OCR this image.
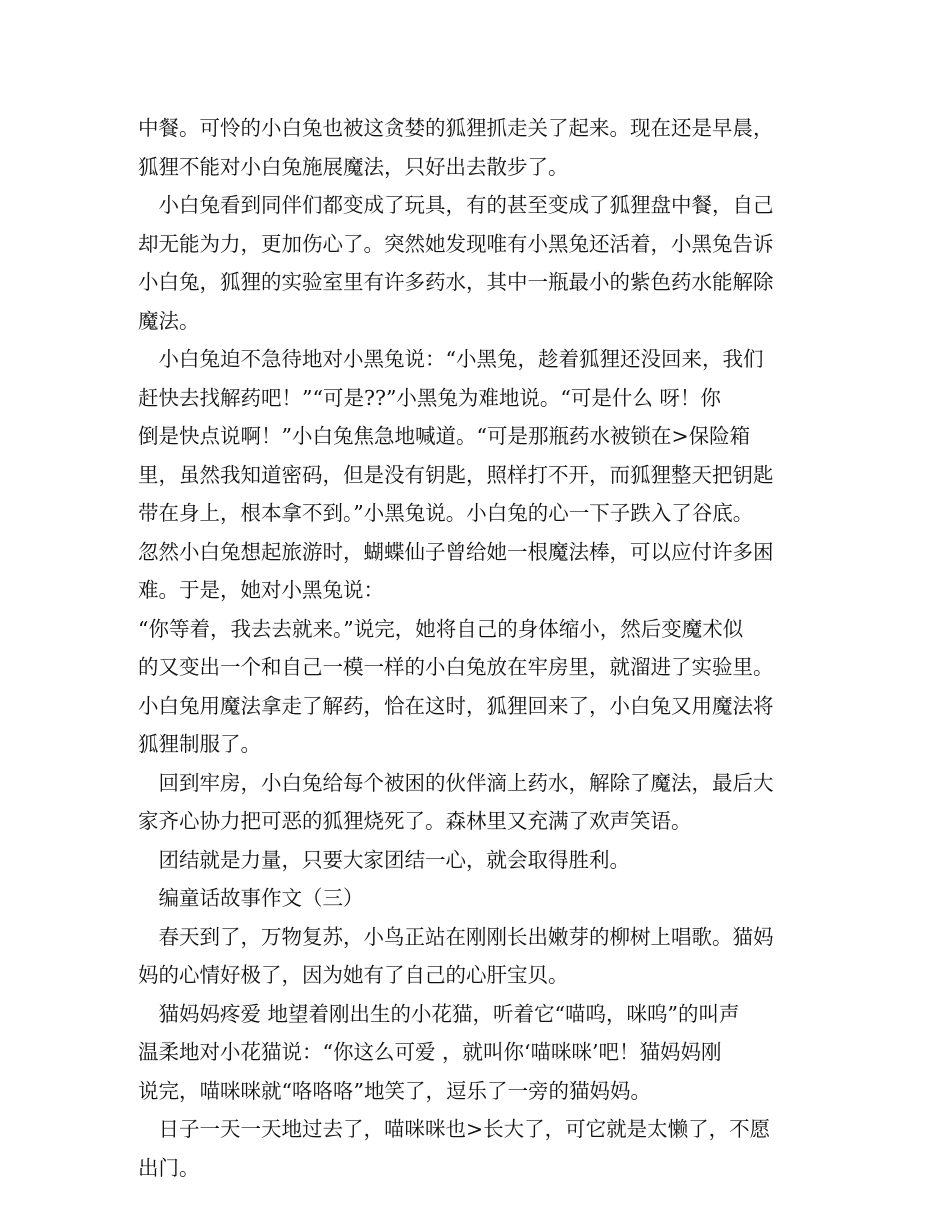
中餐。可怜的小白兔也被这贪婪的狐狸抓走关了起来。现在还是早晨，
狐狸不能对小白兔施展魔法，只好出去散步了。
　小白兔看到同伴们都变成了玩具，有的甚至变成了狐狸盘中餐，自己
却无能为力，更加伤心了。突然她发现唯有小黑兔还活着，小黑兔告诉
小白兔，狐狸的实验室里有许多药水，其中一瓶最小的紫色药水能解除
魔法。
　小白兔迫不急待地对小黑兔说：“小黑兔，趁着狐狸还没回来，我们
赶快去找解药吧！”“可是??”小黑兔为难地说。“可是什么 呀！你
倒是快点说啊！”小白兔焦急地喊道。“可是那瓶药水被锁在>保险箱
里，虽然我知道密码，但是没有钥匙，照样打不开，而狐狸整天把钥匙
带在身上，根本拿不到。”小黑兔说。小白兔的心一下子跌入了谷底。
忽然小白兔想起旅游时，蝴蝶仙子曾给她一根魔法棒，可以应付许多困
难。于是，她对小黑兔说：
“你等着，我去去就来。”说完，她将自己的身体缩小，然后变魔术似
的又变出一个和自己一模一样的小白兔放在牢房里，就溜进了实验里。
小白兔用魔法拿走了解药，恰在这时，狐狸回来了，小白兔又用魔法将
狐狸制服了。
　回到牢房，小白兔给每个被困的伙伴滴上药水，解除了魔法，最后大
家齐心协力把可恶的狐狸烧死了。森林里又充满了欢声笑语。
　团结就是力量，只要大家团结一心，就会取得胜利。
　编童话故事作文（三）
　春天到了，万物复苏，小鸟正站在刚刚长出嫩芽的柳树上唱歌。猫妈
妈的心情好极了，因为她有了自己的心肝宝贝。
　猫妈妈疼爱 地望着刚出生的小花猫，听着它“喵呜，咪呜”的叫声
温柔地对小花猫说：“你这么可爱 ，就叫你‘喵咪咪’吧！猫妈妈刚
说完，喵咪咪就“咯咯咯”地笑了，逗乐了一旁的猫妈妈。
　日子一天一天地过去了，喵咪咪也>长大了，可它就是太懒了，不愿
出门。
